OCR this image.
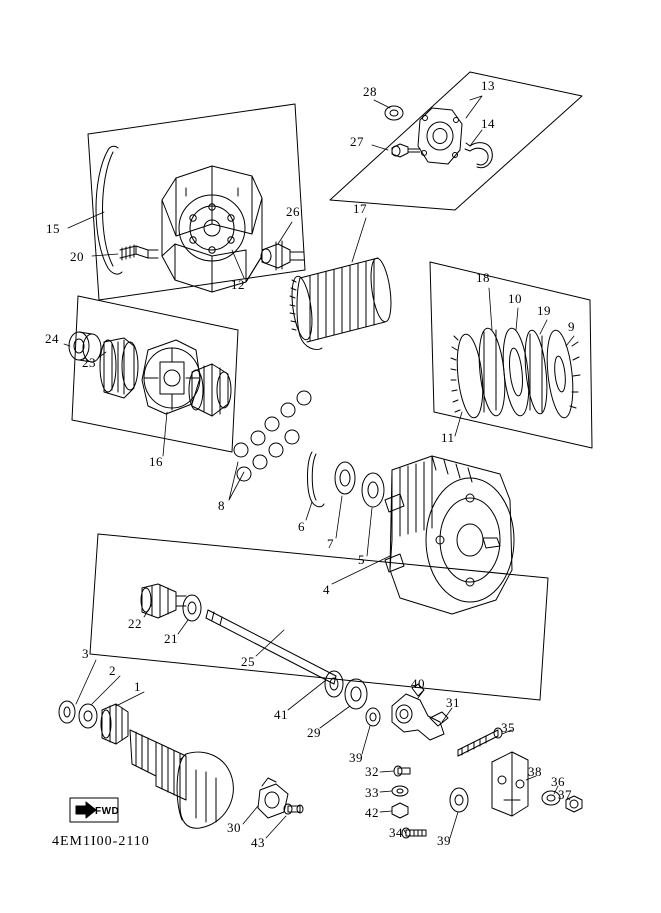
1
2
3
4
5
6
7
8
9
10
11
12
13
14
15
16
17
18
19
20
21
22
23
24
25
26
27
28
29
30
31
32
33
34
35
36
37
38
39
39
40
41
42
43
4EM1I00-2110
FWD
